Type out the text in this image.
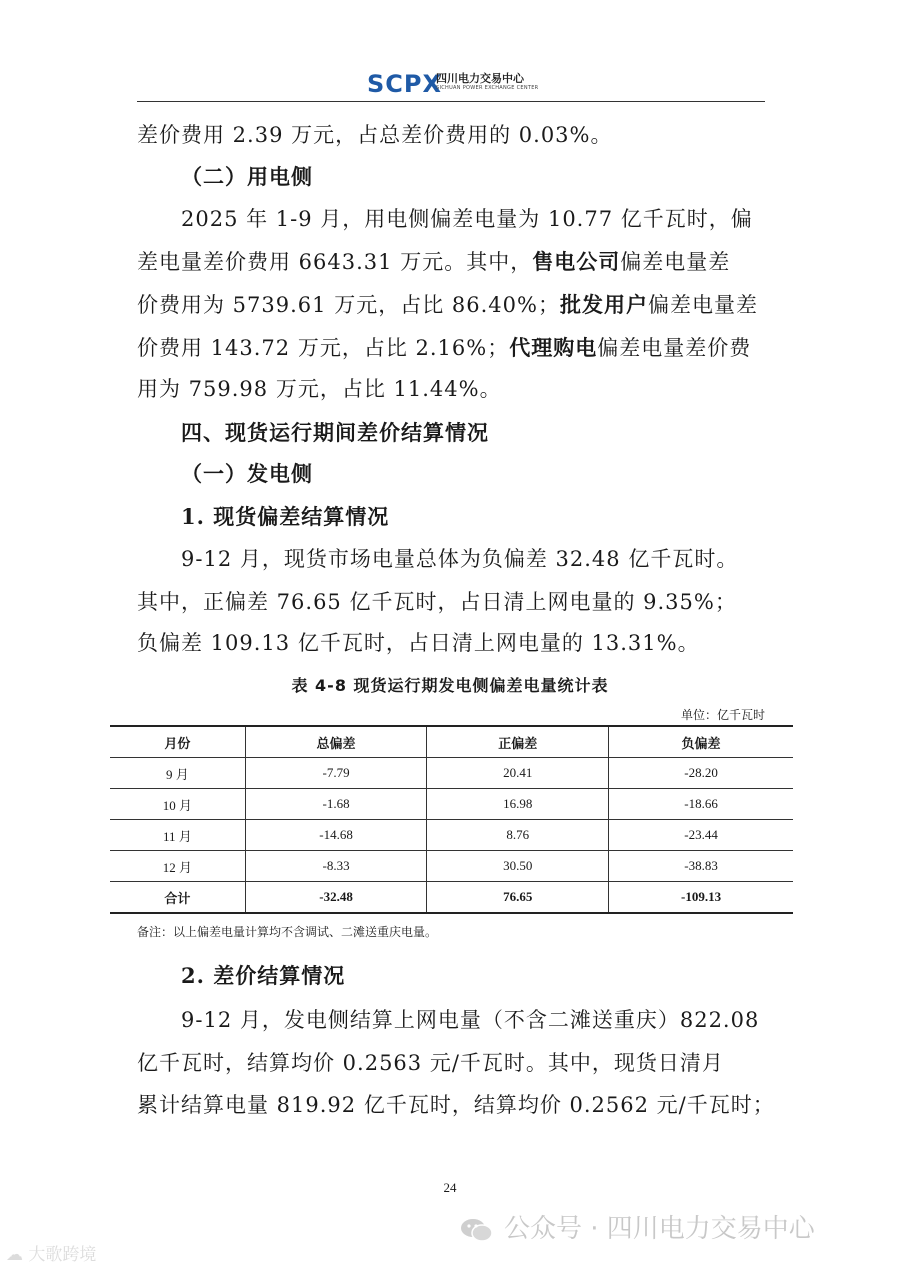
SCPX
四川电力交易中心
SICHUAN POWER EXCHANGE CENTER
差价费用 2.39 万元，占总差价费用的 0.03%。
（二）用电侧
2025 年 1-9 月，用电侧偏差电量为 10.77 亿千瓦时，偏
差电量差价费用 6643.31 万元。其中，售电公司偏差电量差
价费用为 5739.61 万元，占比 86.40%；批发用户偏差电量差
价费用 143.72 万元，占比 2.16%；代理购电偏差电量差价费
用为 759.98 万元，占比 11.44%。
四、现货运行期间差价结算情况
（一）发电侧
1. 现货偏差结算情况
9-12 月，现货市场电量总体为负偏差 32.48 亿千瓦时。
其中，正偏差 76.65 亿千瓦时，占日清上网电量的 9.35%；
负偏差 109.13 亿千瓦时，占日清上网电量的 13.31%。
表 4-8 现货运行期发电侧偏差电量统计表
单位：亿千瓦时
月份	总偏差	正偏差	负偏差
9 月	-7.79	20.41	-28.20
10 月	-1.68	16.98	-18.66
11 月	-14.68	8.76	-23.44
12 月	-8.33	30.50	-38.83
合计	-32.48	76.65	-109.13
备注：以上偏差电量计算均不含调试、二滩送重庆电量。
2. 差价结算情况
9-12 月，发电侧结算上网电量（不含二滩送重庆）822.08
亿千瓦时，结算均价 0.2563 元/千瓦时。其中，现货日清月
累计结算电量 819.92 亿千瓦时，结算均价 0.2562 元/千瓦时；
24
公众号 · 四川电力交易中心
☁ 大歌跨境
